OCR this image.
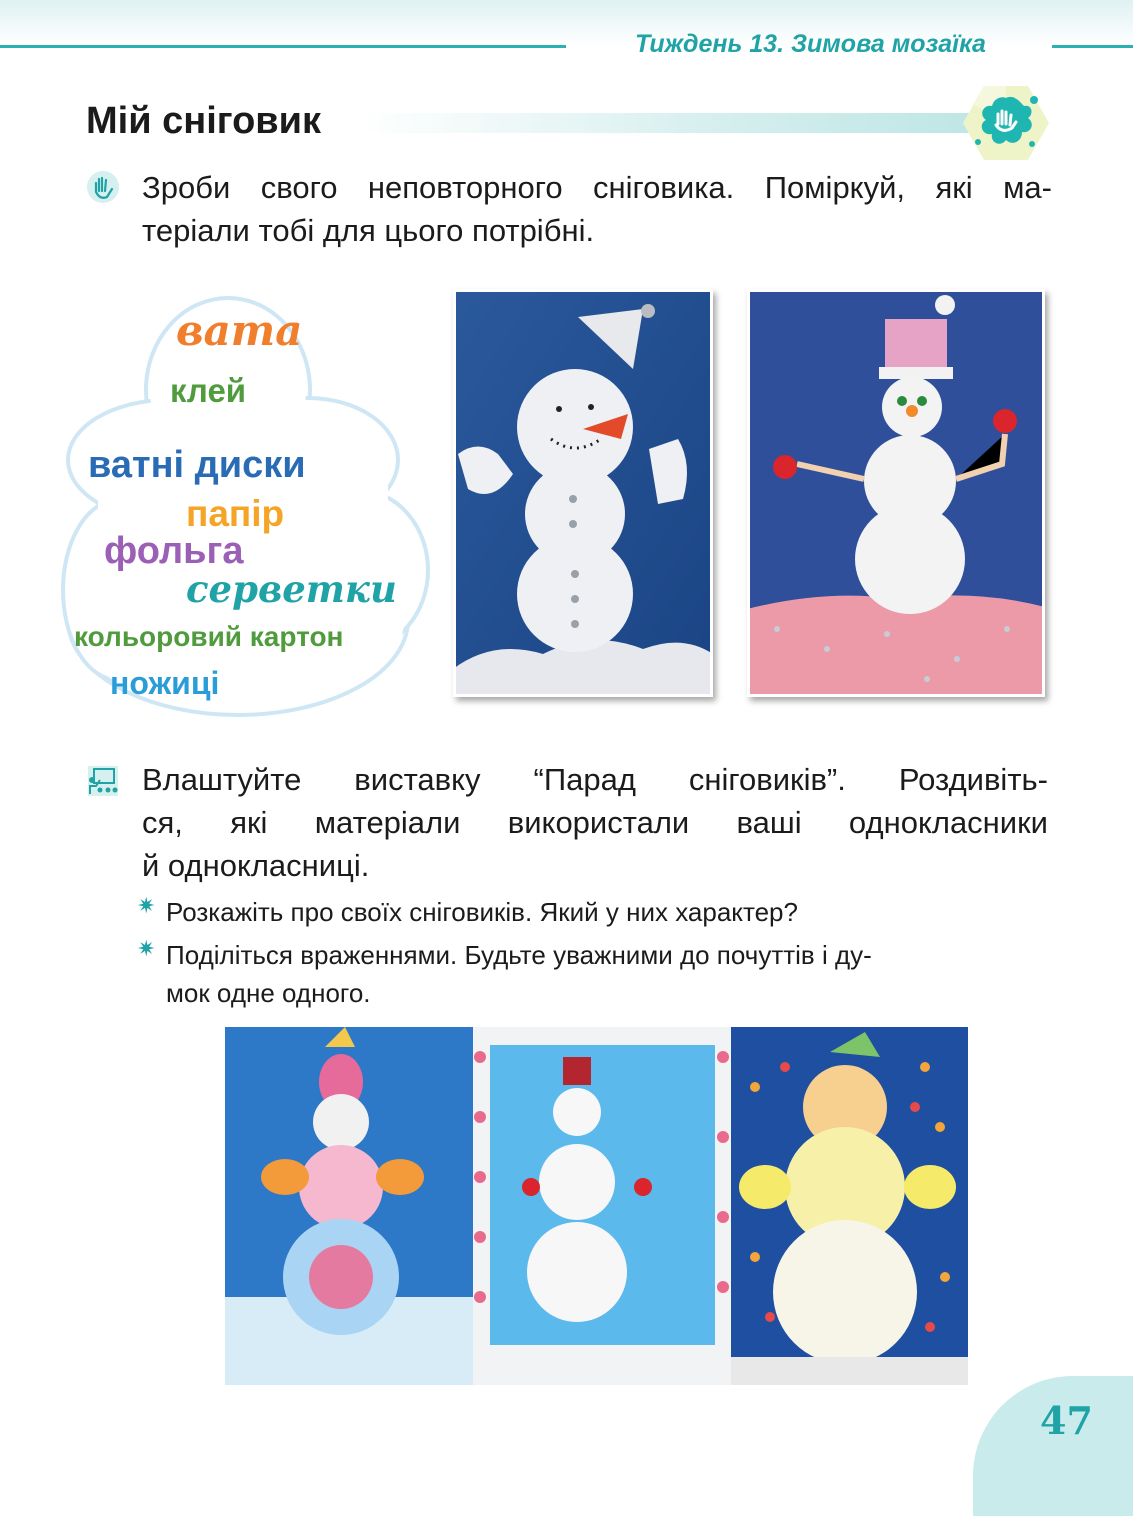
Тиждень 13. Зимова мозаїка
Мій сніговик
Зроби свого неповторного сніговика. Поміркуй, які ма-
теріали тобі для цього потрібні.
вата
клей
ватні диски
папір
фольга
серветки
кольоровий картон
ножиці
Влаштуйте виставку “Парад сніговиків”. Роздивіть-
ся, які матеріали використали ваші однокласники
й однокласниці.
✷ Розкажіть про своїх сніговиків. Який у них характер?
✷ Поділіться враженнями. Будьте уважними до почуттів і ду-
мок одне одного.
47
